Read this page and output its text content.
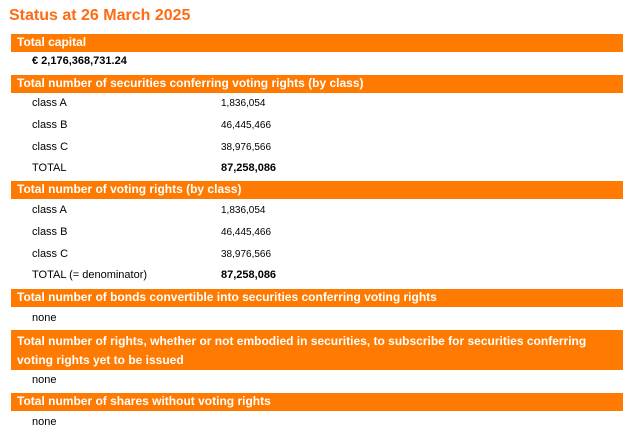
Status at 26 March 2025
Total capital
€ 2,176,368,731.24
Total number of securities conferring voting rights (by class)
class A	1,836,054
class B	46,445,466
class C	38,976,566
TOTAL	87,258,086
Total number of voting rights (by class)
class A	1,836,054
class B	46,445,466
class C	38,976,566
TOTAL (= denominator)	87,258,086
Total number of bonds convertible into securities conferring voting rights
none
Total number of rights, whether or not embodied in securities, to subscribe for securities conferring voting rights yet to be issued
none
Total number of shares without voting rights
none
